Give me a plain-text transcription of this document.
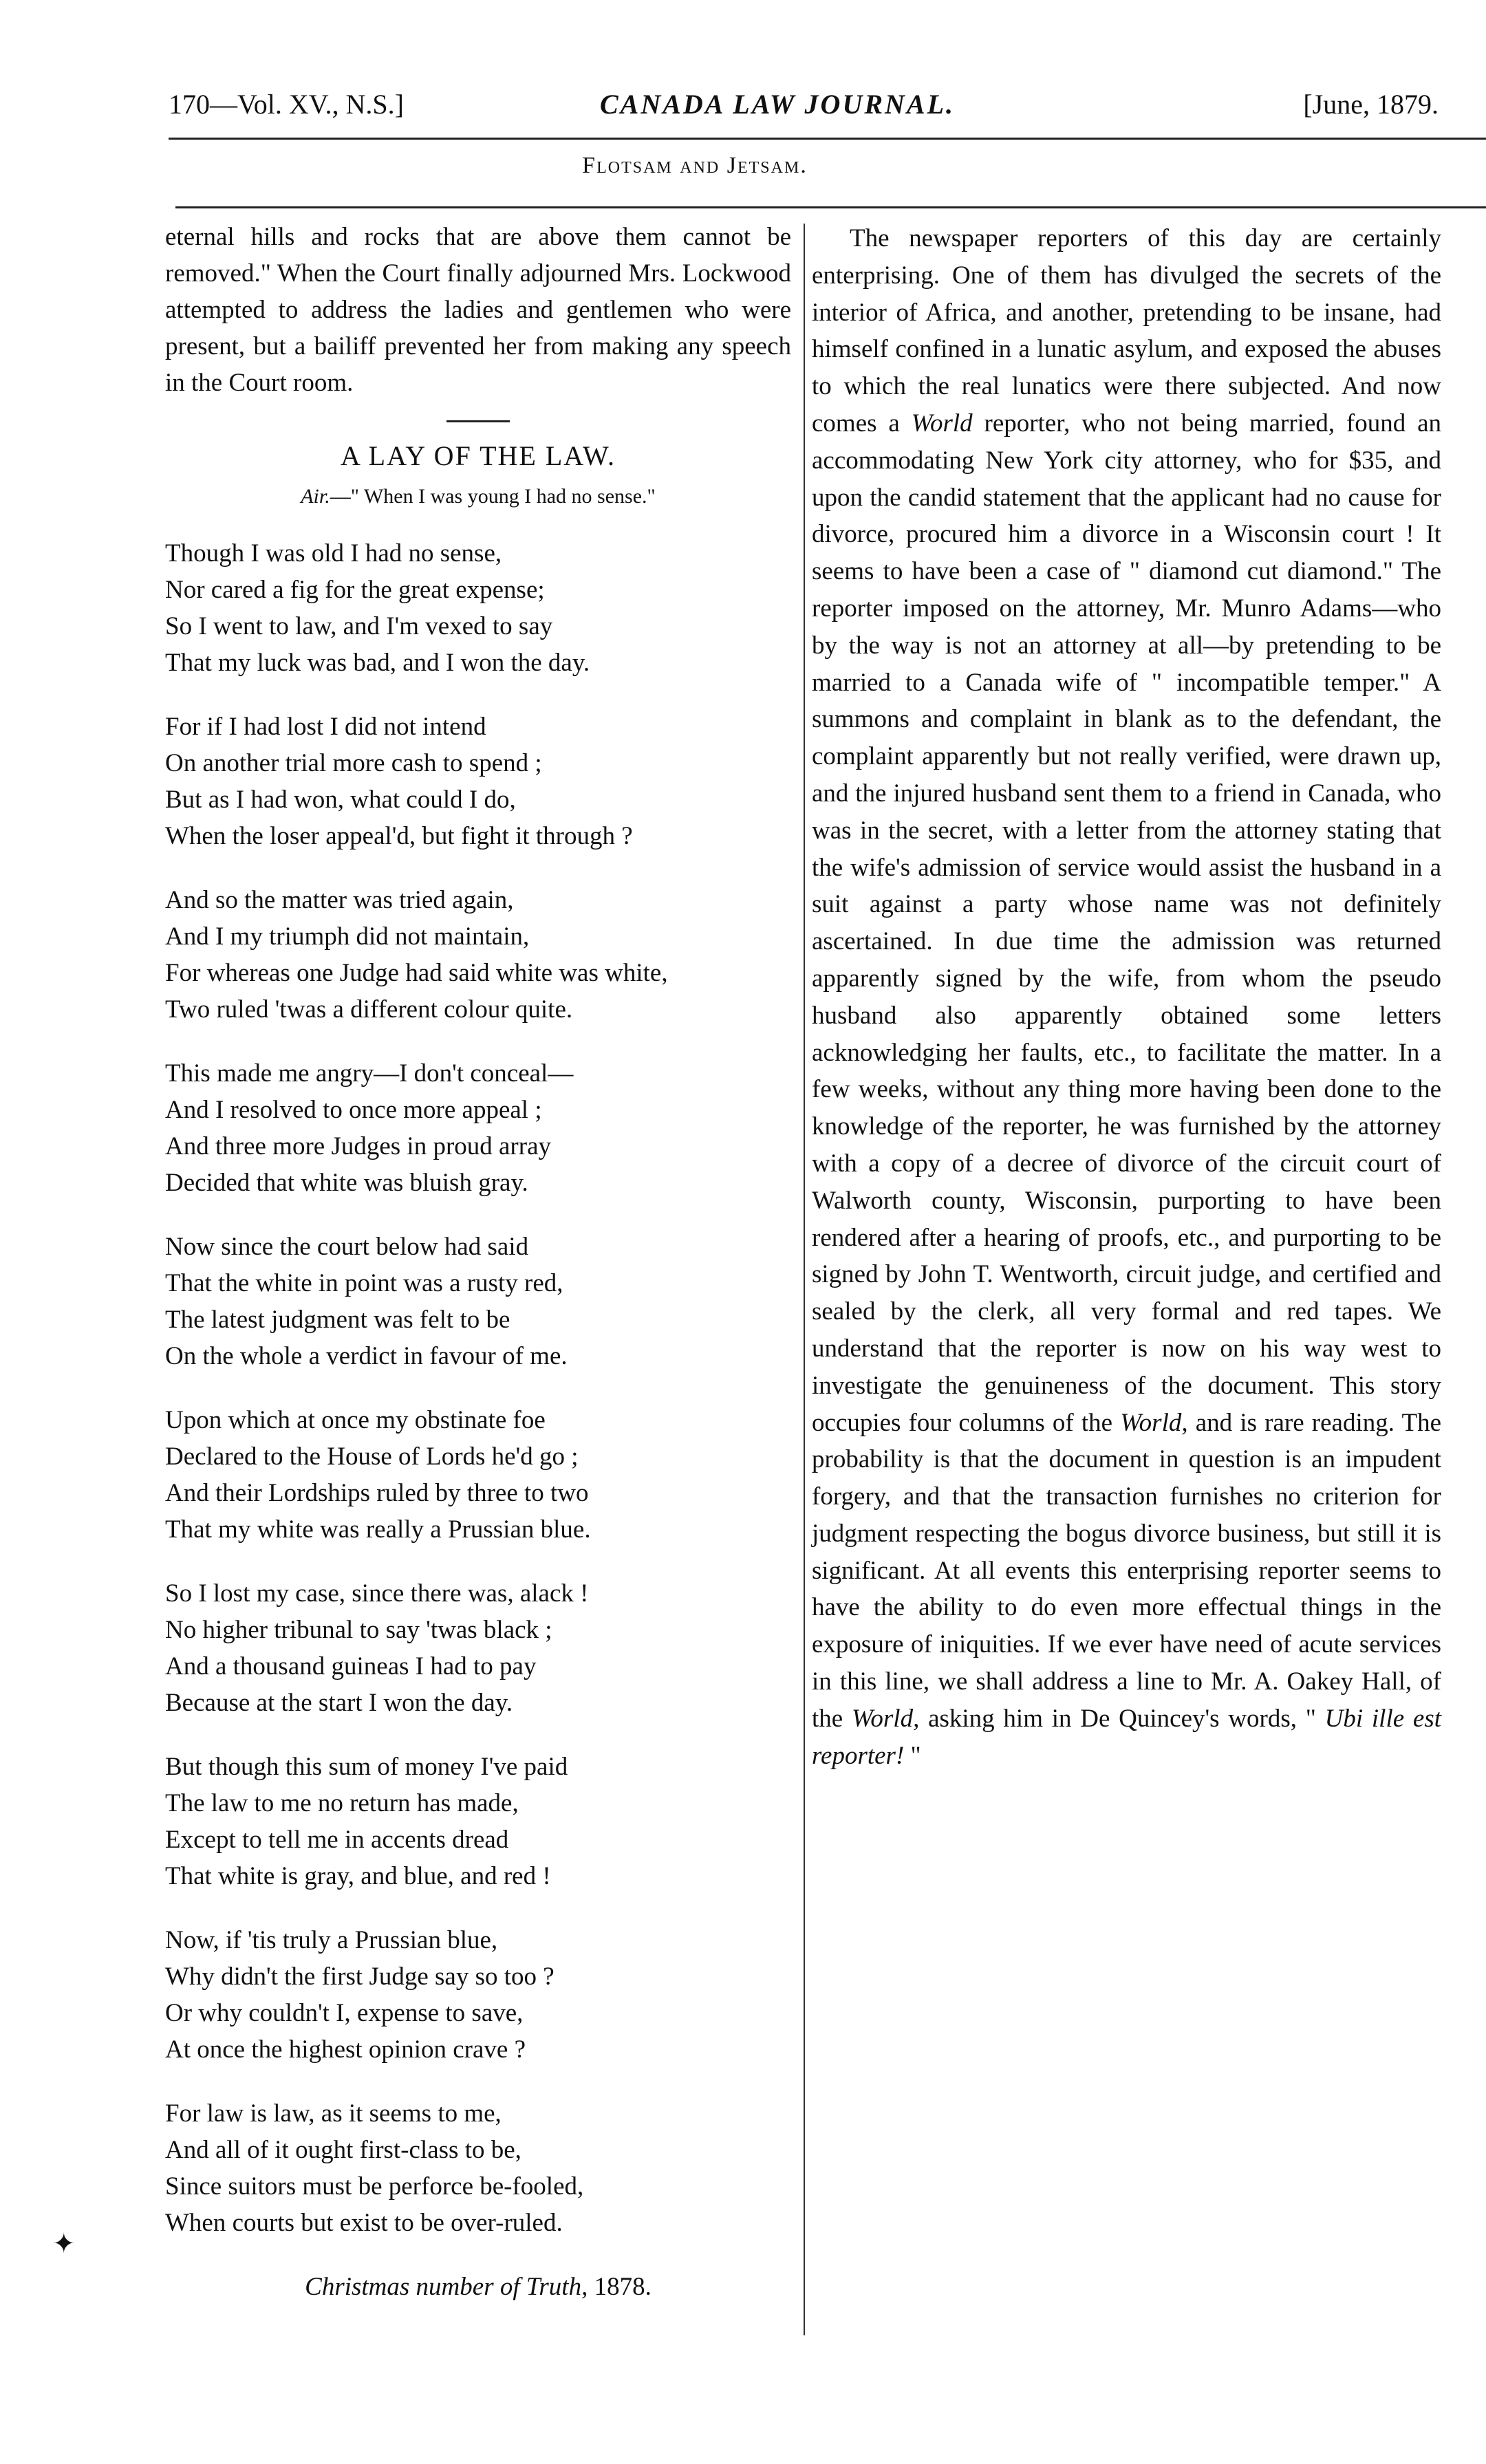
170—Vol. XV., N.S.]	CANADA LAW JOURNAL.	[June, 1879.
Flotsam and Jetsam.

eternal hills and rocks that are above them cannot be removed." When the Court finally adjourned Mrs. Lockwood attempted to address the ladies and gentlemen who were present, but a bailiff prevented her from making any speech in the Court room.

A LAY OF THE LAW.
Air.—" When I was young I had no sense."
Though I was old I had no sense,
Nor cared a fig for the great expense;
So I went to law, and I'm vexed to say
That my luck was bad, and I won the day.
For if I had lost I did not intend
On another trial more cash to spend ;
But as I had won, what could I do,
When the loser appeal'd, but fight it through ?
And so the matter was tried again,
And I my triumph did not maintain,
For whereas one Judge had said white was white,
Two ruled 'twas a different colour quite.
This made me angry—I don't conceal—
And I resolved to once more appeal ;
And three more Judges in proud array
Decided that white was bluish gray.
Now since the court below had said
That the white in point was a rusty red,
The latest judgment was felt to be
On the whole a verdict in favour of me.
Upon which at once my obstinate foe
Declared to the House of Lords he'd go ;
And their Lordships ruled by three to two
That my white was really a Prussian blue.
So I lost my case, since there was, alack !
No higher tribunal to say 'twas black ;
And a thousand guineas I had to pay
Because at the start I won the day.
But though this sum of money I've paid
The law to me no return has made,
Except to tell me in accents dread
That white is gray, and blue, and red !
Now, if 'tis truly a Prussian blue,
Why didn't the first Judge say so too ?
Or why couldn't I, expense to save,
At once the highest opinion crave ?
For law is law, as it seems to me,
And all of it ought first-class to be,
Since suitors must be perforce be-fooled,
When courts but exist to be over-ruled.
Christmas number of Truth, 1878.

The newspaper reporters of this day are certainly enterprising. One of them has divulged the secrets of the interior of Africa, and another, pretending to be insane, had himself confined in a lunatic asylum, and exposed the abuses to which the real lunatics were there subjected. And now comes a World reporter, who not being married, found an accommodating New York city attorney, who for $35, and upon the candid statement that the applicant had no cause for divorce, procured him a divorce in a Wisconsin court ! It seems to have been a case of " diamond cut diamond." The reporter imposed on the attorney, Mr. Munro Adams—who by the way is not an attorney at all—by pretending to be married to a Canada wife of " incompatible temper." A summons and complaint in blank as to the defendant, the complaint apparently but not really verified, were drawn up, and the injured husband sent them to a friend in Canada, who was in the secret, with a letter from the attorney stating that the wife's admission of service would assist the husband in a suit against a party whose name was not definitely ascertained. In due time the admission was returned apparently signed by the wife, from whom the pseudo husband also apparently obtained some letters acknowledging her faults, etc., to facilitate the matter. In a few weeks, without any thing more having been done to the knowledge of the reporter, he was furnished by the attorney with a copy of a decree of divorce of the circuit court of Walworth county, Wisconsin, purporting to have been rendered after a hearing of proofs, etc., and purporting to be signed by John T. Wentworth, circuit judge, and certified and sealed by the clerk, all very formal and red tapes. We understand that the reporter is now on his way west to investigate the genuineness of the document. This story occupies four columns of the World, and is rare reading. The probability is that the document in question is an impudent forgery, and that the transaction furnishes no criterion for judgment respecting the bogus divorce business, but still it is significant. At all events this enterprising reporter seems to have the ability to do even more effectual things in the exposure of iniquities. If we ever have need of acute services in this line, we shall address a line to Mr. A. Oakey Hall, of the World, asking him in De Quincey's words, " Ubi ille est reporter! "

✦
